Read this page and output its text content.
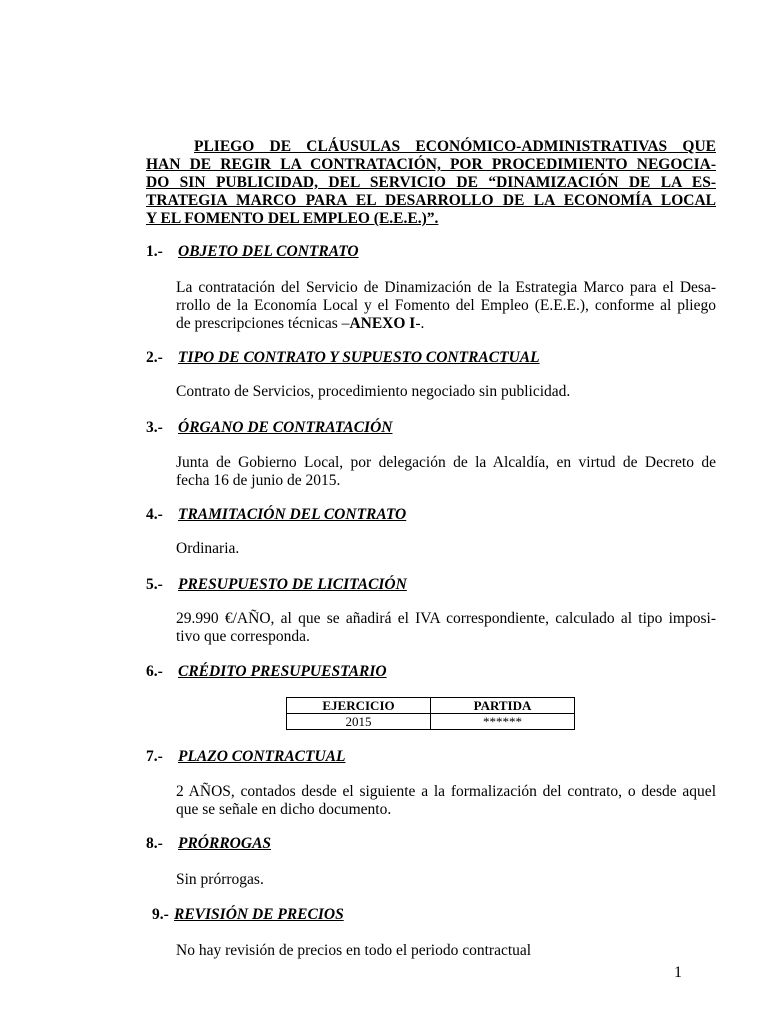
PLIEGO DE CLÁUSULAS ECONÓMICO-ADMINISTRATIVAS QUE
HAN DE REGIR LA CONTRATACIÓN, POR PROCEDIMIENTO NEGOCIA-
DO SIN PUBLICIDAD, DEL SERVICIO DE “DINAMIZACIÓN DE LA ES-
TRATEGIA MARCO PARA EL DESARROLLO DE LA ECONOMÍA LOCAL
Y EL FOMENTO DEL EMPLEO (E.E.E.)”.
1.- OBJETO DEL CONTRATO
La contratación del Servicio de Dinamización de la Estrategia Marco para el Desa-
rrollo de la Economía Local y el Fomento del Empleo (E.E.E.), conforme al pliego
de prescripciones técnicas –ANEXO I-.
2.- TIPO DE CONTRATO Y SUPUESTO CONTRACTUAL
Contrato de Servicios, procedimiento negociado sin publicidad.
3.- ÓRGANO DE CONTRATACIÓN
Junta de Gobierno Local, por delegación de la Alcaldía, en virtud de Decreto de
fecha 16 de junio de 2015.
4.- TRAMITACIÓN DEL CONTRATO
Ordinaria.
5.- PRESUPUESTO DE LICITACIÓN
29.990 €/AÑO, al que se añadirá el IVA correspondiente, calculado al tipo imposi-
tivo que corresponda.
6.- CRÉDITO PRESUPUESTARIO
EJERCICIO	PARTIDA
2015	******
7.- PLAZO CONTRACTUAL
2 AÑOS, contados desde el siguiente a la formalización del contrato, o desde aquel
que se señale en dicho documento.
8.- PRÓRROGAS
Sin prórrogas.
9.- REVISIÓN DE PRECIOS
No hay revisión de precios en todo el periodo contractual
1
